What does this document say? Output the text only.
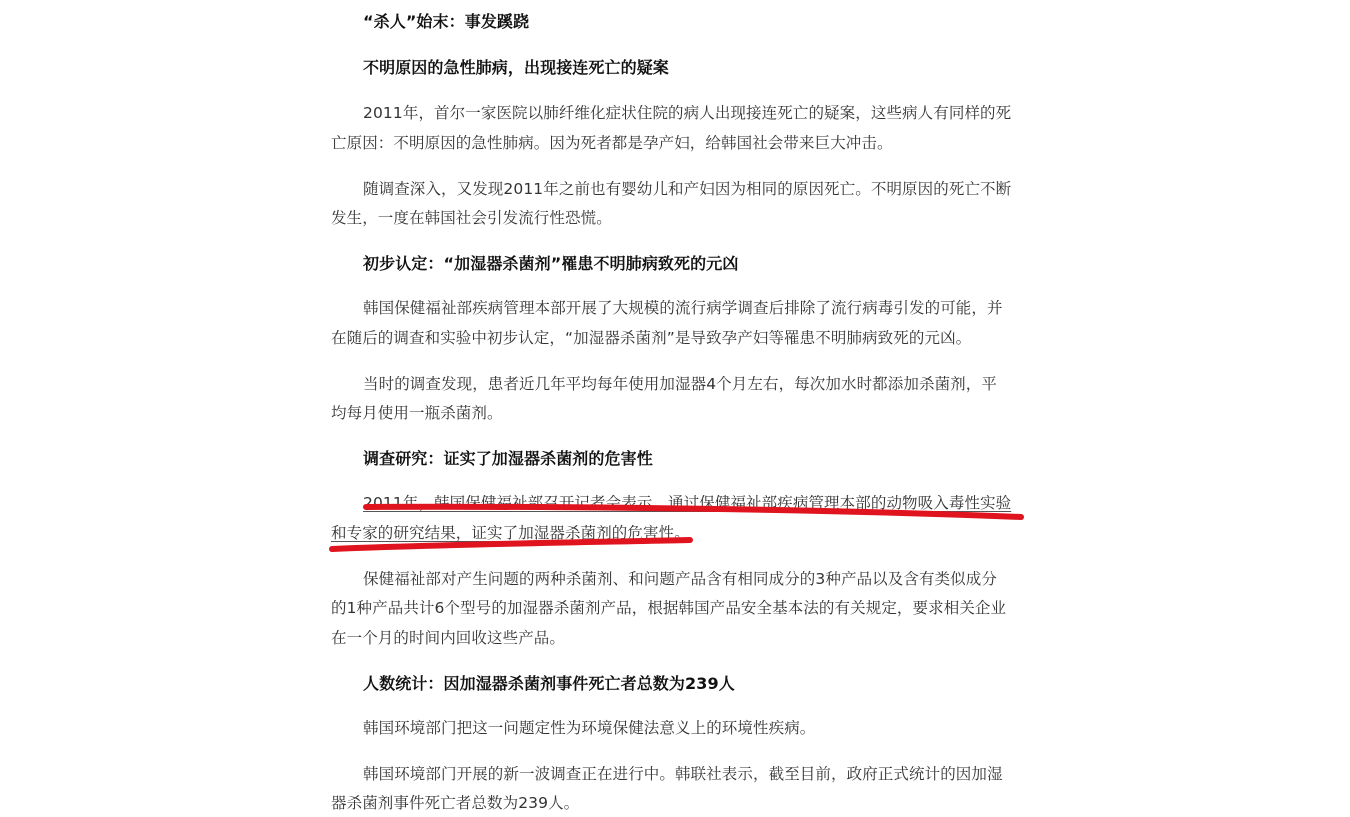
“杀人”始末：事发蹊跷
不明原因的急性肺病，出现接连死亡的疑案
2011年，首尔一家医院以肺纤维化症状住院的病人出现接连死亡的疑案，这些病人有同样的死
亡原因：不明原因的急性肺病。因为死者都是孕产妇，给韩国社会带来巨大冲击。
随调查深入，又发现2011年之前也有婴幼儿和产妇因为相同的原因死亡。不明原因的死亡不断
发生，一度在韩国社会引发流行性恐慌。
初步认定：“加湿器杀菌剂”罹患不明肺病致死的元凶
韩国保健福祉部疾病管理本部开展了大规模的流行病学调查后排除了流行病毒引发的可能，并
在随后的调查和实验中初步认定，“加湿器杀菌剂”是导致孕产妇等罹患不明肺病致死的元凶。
当时的调查发现，患者近几年平均每年使用加湿器4个月左右，每次加水时都添加杀菌剂，平
均每月使用一瓶杀菌剂。
调查研究：证实了加湿器杀菌剂的危害性
2011年，韩国保健福祉部召开记者会表示，通过保健福祉部疾病管理本部的动物吸入毒性实验
和专家的研究结果，证实了加湿器杀菌剂的危害性。
保健福祉部对产生问题的两种杀菌剂、和问题产品含有相同成分的3种产品以及含有类似成分
的1种产品共计6个型号的加湿器杀菌剂产品，根据韩国产品安全基本法的有关规定，要求相关企业
在一个月的时间内回收这些产品。
人数统计：因加湿器杀菌剂事件死亡者总数为239人
韩国环境部门把这一问题定性为环境保健法意义上的环境性疾病。
韩国环境部门开展的新一波调查正在进行中。韩联社表示，截至目前，政府正式统计的因加湿
器杀菌剂事件死亡者总数为239人。
